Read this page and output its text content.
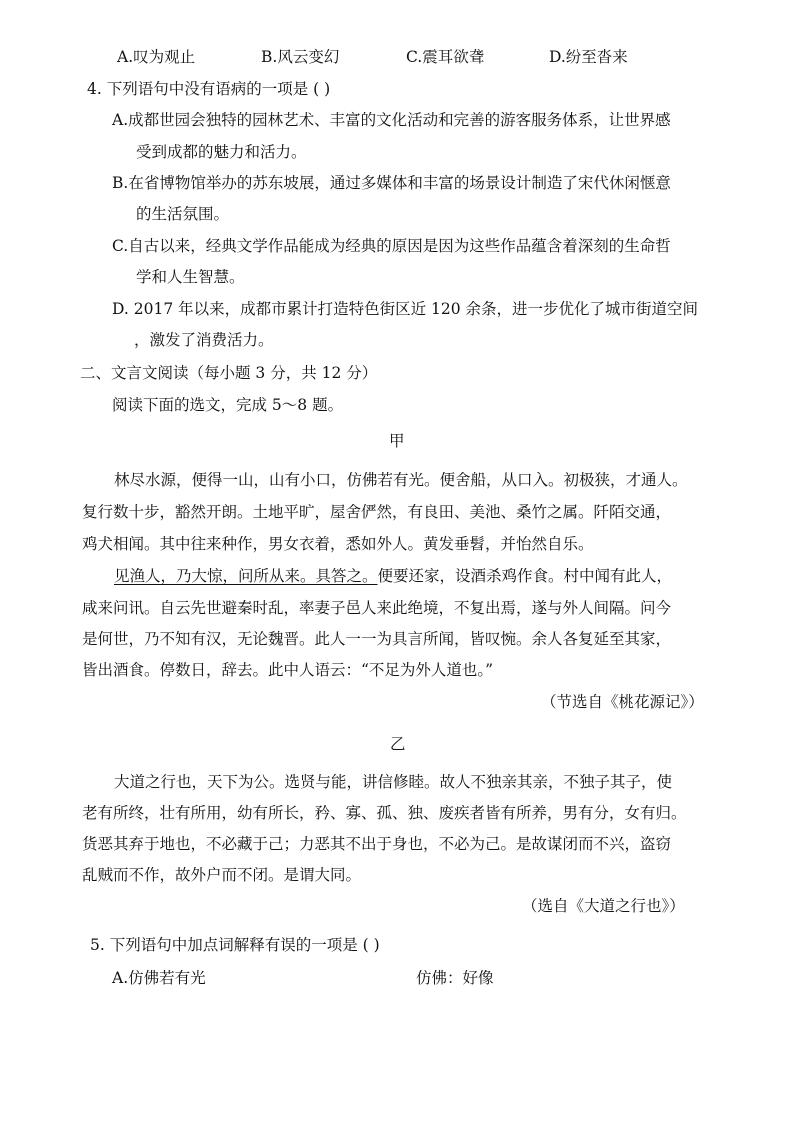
A.叹为观止	B.风云变幻	C.震耳欲聋	D.纷至沓来
4. 下列语句中没有语病的一项是 ( )
A.成都世园会独特的园林艺术、丰富的文化活动和完善的游客服务体系，让世界感
受到成都的魅力和活力。
B.在省博物馆举办的苏东坡展，通过多媒体和丰富的场景设计制造了宋代休闲惬意
的生活氛围。
C.自古以来，经典文学作品能成为经典的原因是因为这些作品蕴含着深刻的生命哲
学和人生智慧。
D. 2017 年以来，成都市累计打造特色街区近 120 余条，进一步优化了城市街道空间
，激发了消费活力。
二、文言文阅读（每小题 3 分，共 12 分）
阅读下面的选文，完成 5～8 题。
甲
林尽水源，便得一山，山有小口，仿佛若有光。便舍船，从口入。初极狭，才通人。
复行数十步，豁然开朗。土地平旷，屋舍俨然，有良田、美池、桑竹之属。阡陌交通，
鸡犬相闻。其中往来种作，男女衣着，悉如外人。黄发垂髫，并怡然自乐。
见渔人，乃大惊，问所从来。具答之。便要还家，设酒杀鸡作食。村中闻有此人，
咸来问讯。自云先世避秦时乱，率妻子邑人来此绝境，不复出焉，遂与外人间隔。问今
是何世，乃不知有汉，无论魏晋。此人一一为具言所闻，皆叹惋。余人各复延至其家，
皆出酒食。停数日，辞去。此中人语云：“不足为外人道也。”
（节选自《桃花源记》）
乙
大道之行也，天下为公。选贤与能，讲信修睦。故人不独亲其亲，不独子其子，使
老有所终，壮有所用，幼有所长，矜、寡、孤、独、废疾者皆有所养，男有分，女有归。
货恶其弃于地也，不必藏于己；力恶其不出于身也，不必为己。是故谋闭而不兴，盗窃
乱贼而不作，故外户而不闭。是谓大同。
（选自《大道之行也》）
5. 下列语句中加点词解释有误的一项是 ( )
A.仿佛若有光	仿佛：好像
